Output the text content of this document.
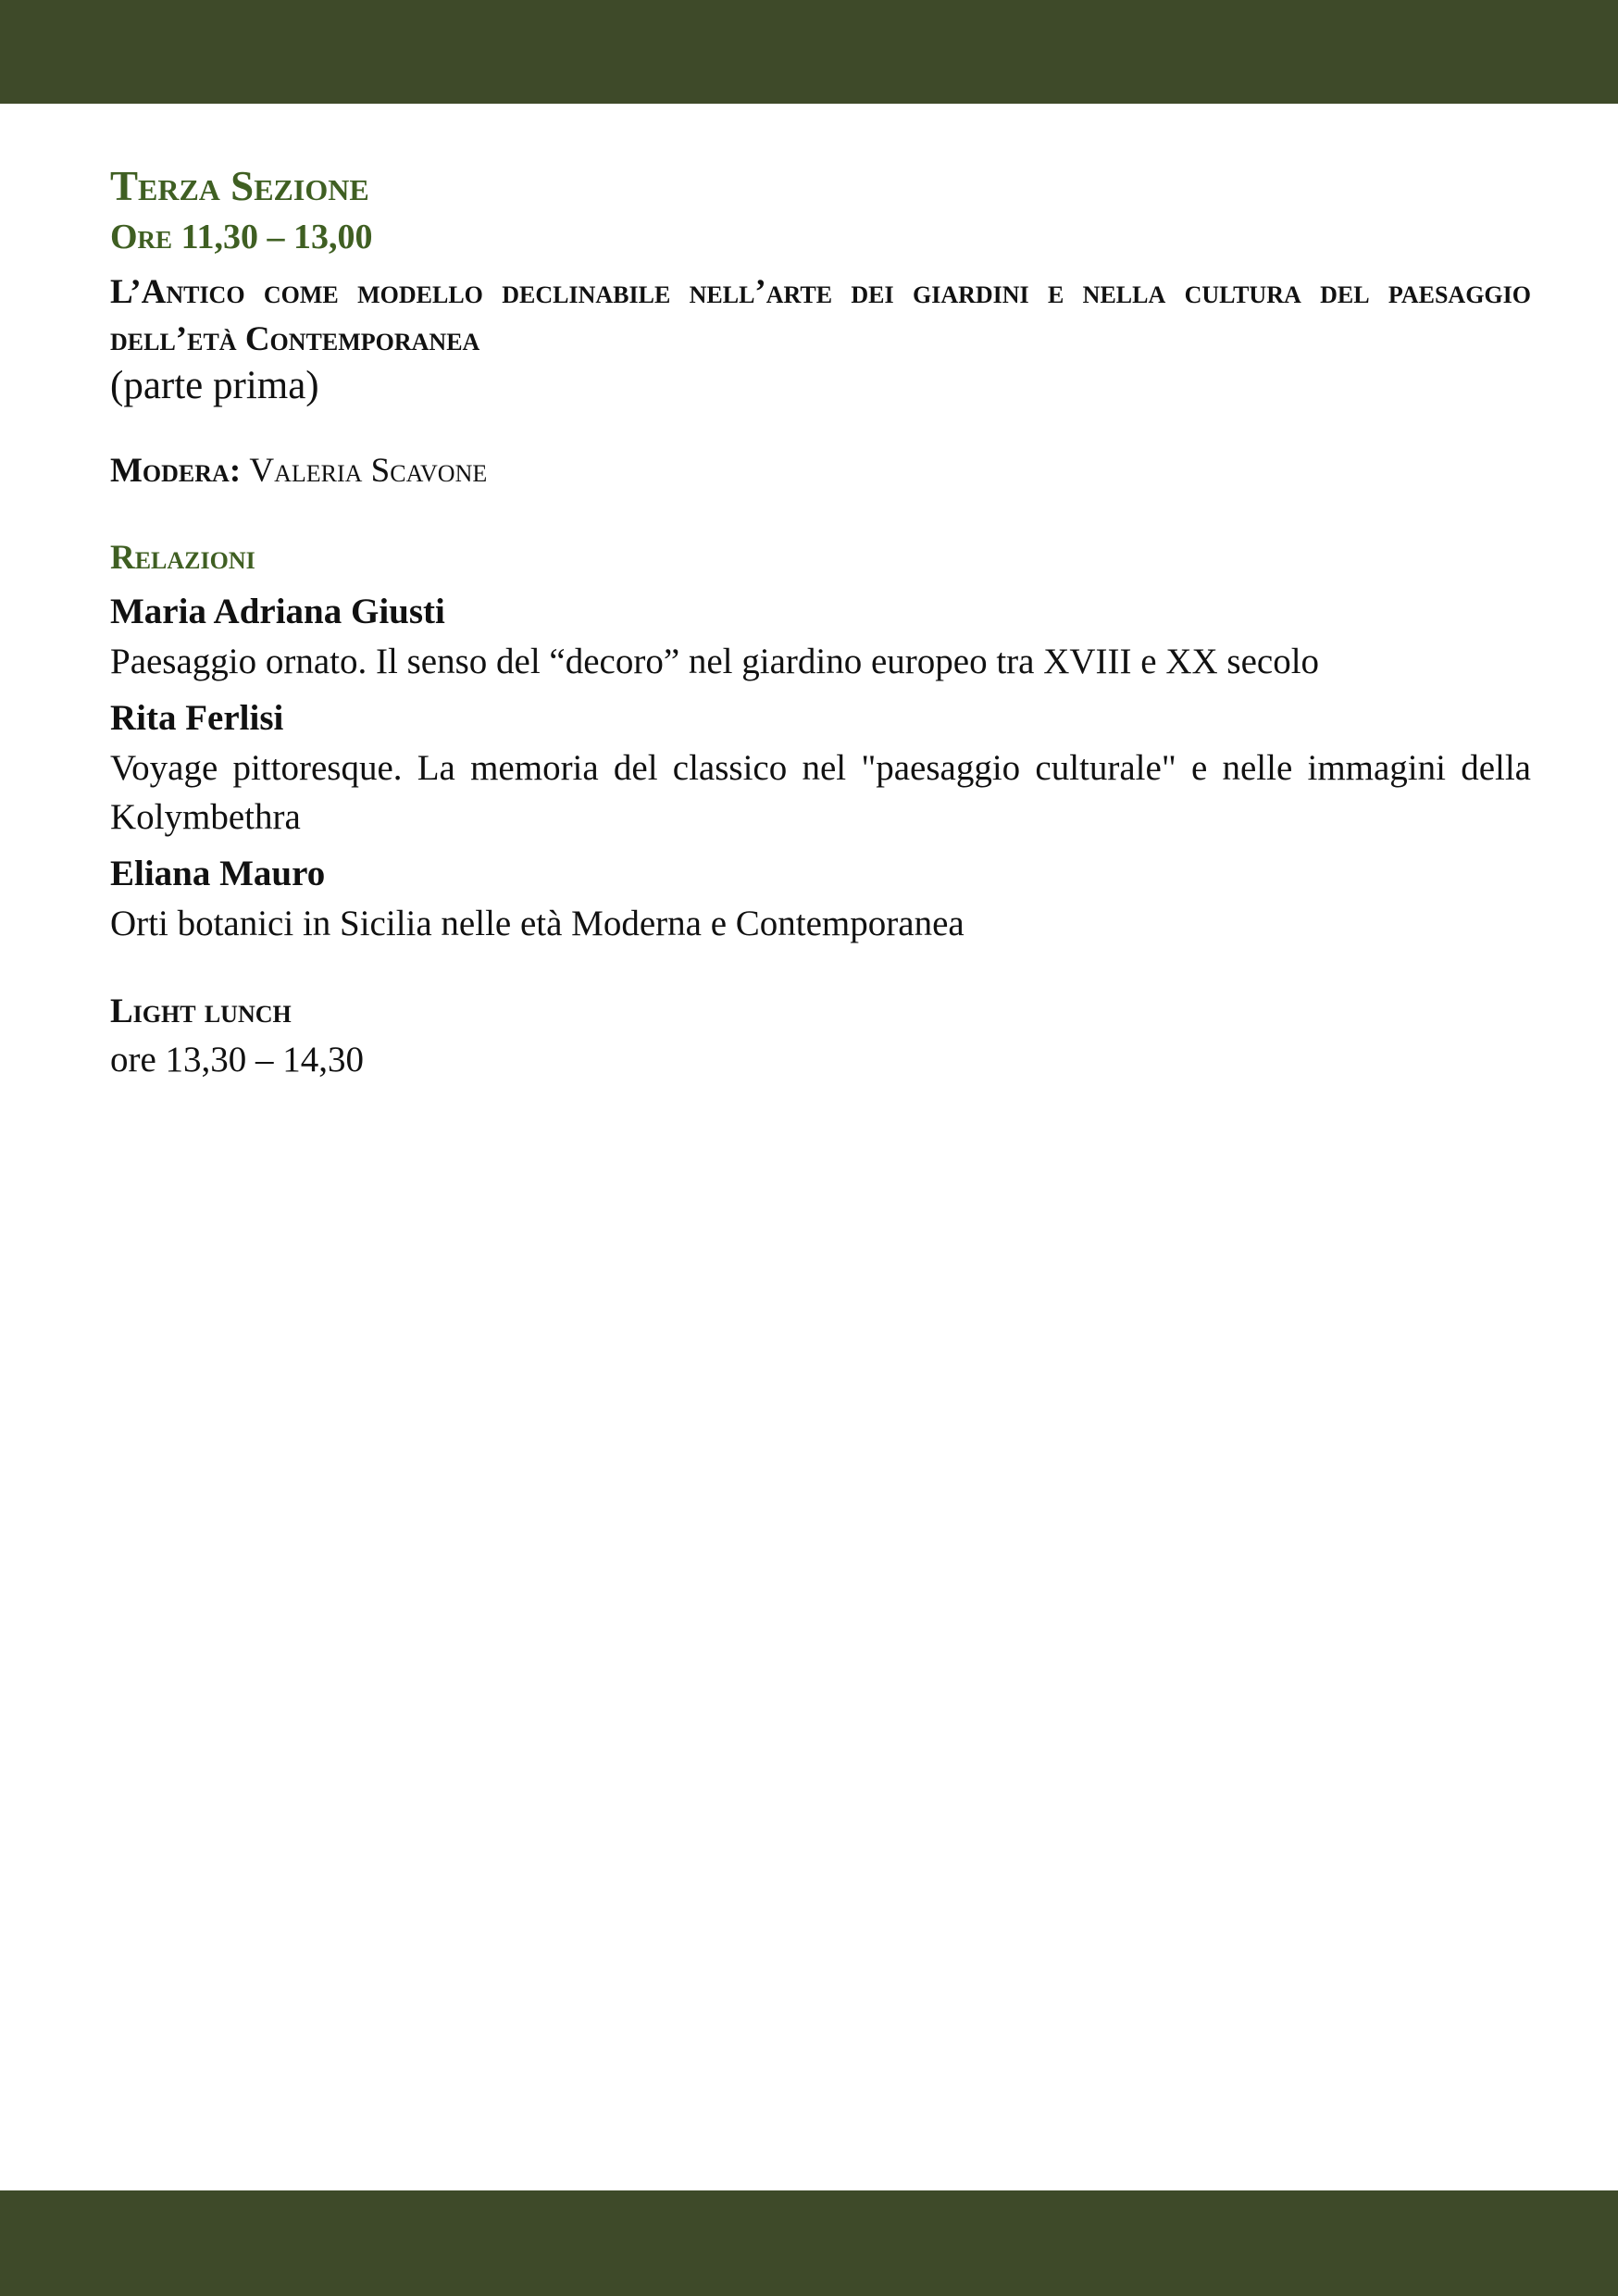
Terza Sezione
Ore 11,30 – 13,00

L’Antico come modello declinabile nell’arte dei giardini e nella cultura del paesaggio dell’età Contemporanea

(parte prima)

Modera: Valeria Scavone

Relazioni
Maria Adriana Giusti
Paesaggio ornato. Il senso del “decoro” nel giardino europeo tra XVIII e XX secolo
Rita Ferlisi
Voyage pittoresque. La memoria del classico nel "paesaggio culturale" e nelle immagini della Kolymbethra
Eliana Mauro
Orti botanici in Sicilia nelle età Moderna e Contemporanea
Light lunch
ore 13,30 – 14,30
